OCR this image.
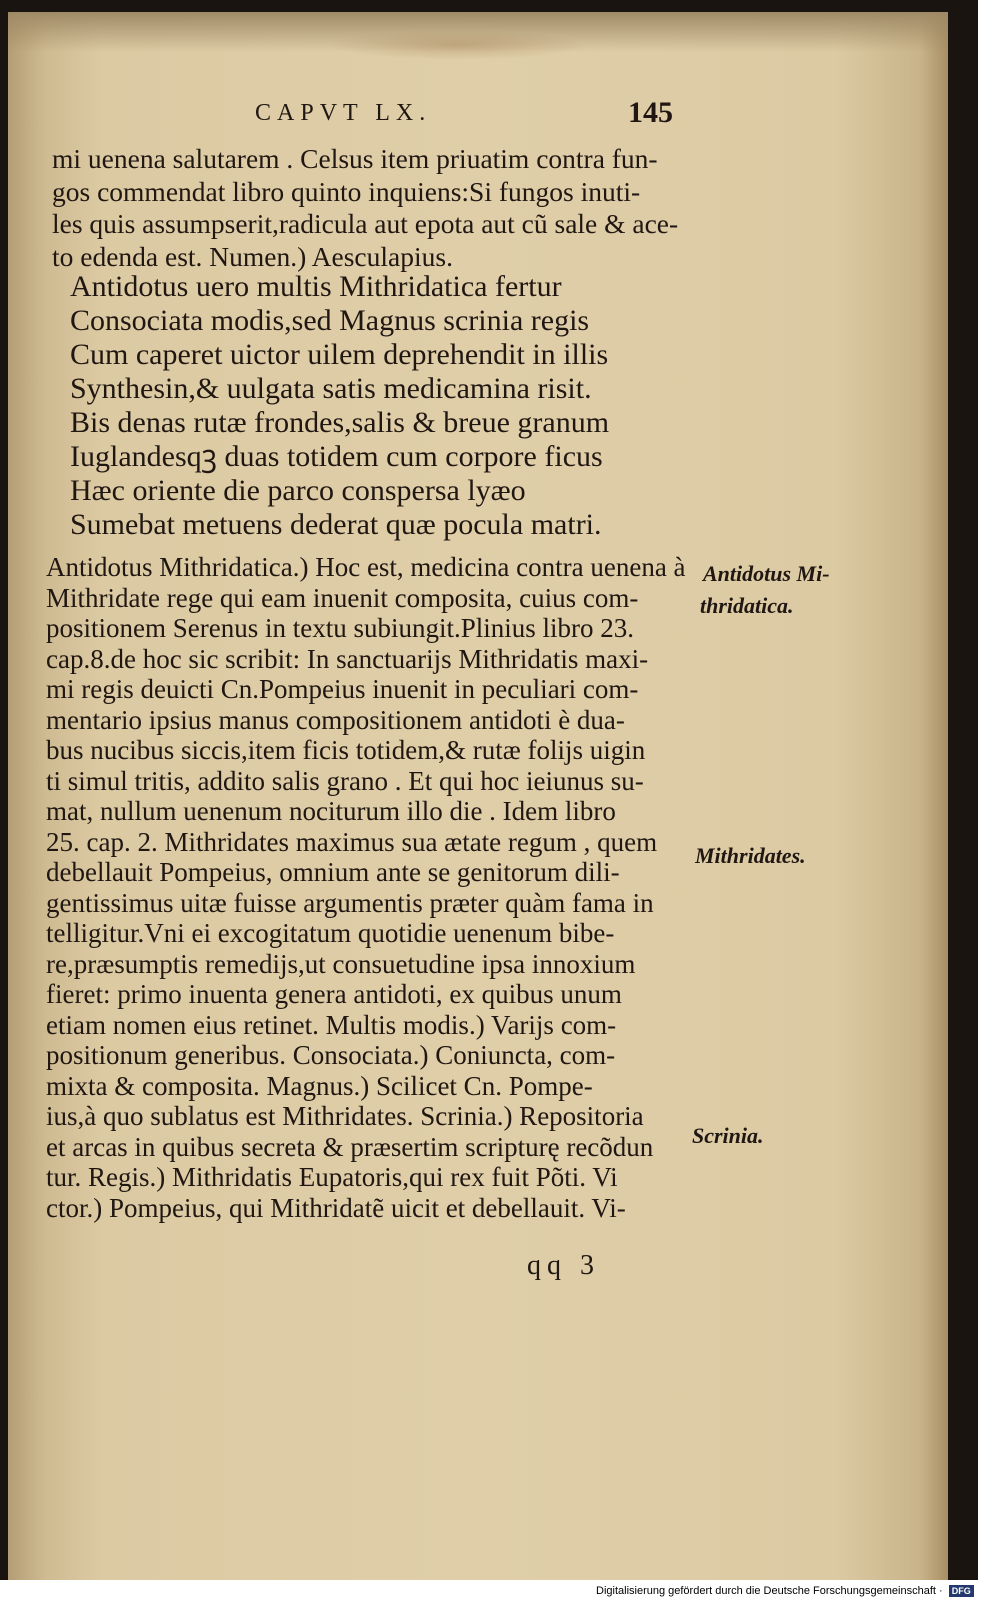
CAPVT LX.	145
mi uenena salutarem . Celsus item priuatim contra fun-
gos commendat libro quinto inquiens:Si fungos inuti-
les quis assumpserit,radicula aut epota aut cũ sale & ace-
to edenda est. Numen.) Aesculapius.
Antidotus uero multis Mithridatica fertur
Consociata modis,sed Magnus scrinia regis
Cum caperet uictor uilem deprehendit in illis
Synthesin,& uulgata satis medicamina risit.
Bis denas rutæ frondes,salis & breue granum
Iuglandesqꝫ duas totidem cum corpore ficus
Hæc oriente die parco conspersa lyæo
Sumebat metuens dederat quæ pocula matri.
Antidotus Mithridatica.) Hoc est, medicina contra uenena à
Mithridate rege qui eam inuenit composita, cuius com-
positionem Serenus in textu subiungit.Plinius libro 23.
cap.8.de hoc sic scribit: In sanctuarijs Mithridatis maxi-
mi regis deuicti Cn.Pompeius inuenit in peculiari com-
mentario ipsius manus compositionem antidoti è dua-
bus nucibus siccis,item ficis totidem,& rutæ folijs uigin
ti simul tritis, addito salis grano . Et qui hoc ieiunus su-
mat, nullum uenenum nociturum illo die . Idem libro
25. cap. 2. Mithridates maximus sua ætate regum , quem
debellauit Pompeius, omnium ante se genitorum dili-
gentissimus uitæ fuisse argumentis præter quàm fama in
telligitur.Vni ei excogitatum quotidie uenenum bibe-
re,præsumptis remedijs,ut consuetudine ipsa innoxium
fieret: primo inuenta genera antidoti, ex quibus unum
etiam nomen eius retinet. Multis modis.) Varijs com-
positionum generibus. Consociata.) Coniuncta, com-
mixta & composita. Magnus.) Scilicet Cn. Pompe-
ius,à quo sublatus est Mithridates. Scrinia.) Repositoria
et arcas in quibus secreta & præsertim scripturę recõdun
tur. Regis.) Mithridatis Eupatoris,qui rex fuit Põti. Vi
ctor.) Pompeius, qui Mithridatẽ uicit et debellauit. Vi-
Antidotus Mi-
thridatica.
Mithridates.
Scrinia.
qq 3
Digitalisierung gefördert durch die Deutsche Forschungsgemeinschaft · DFG
